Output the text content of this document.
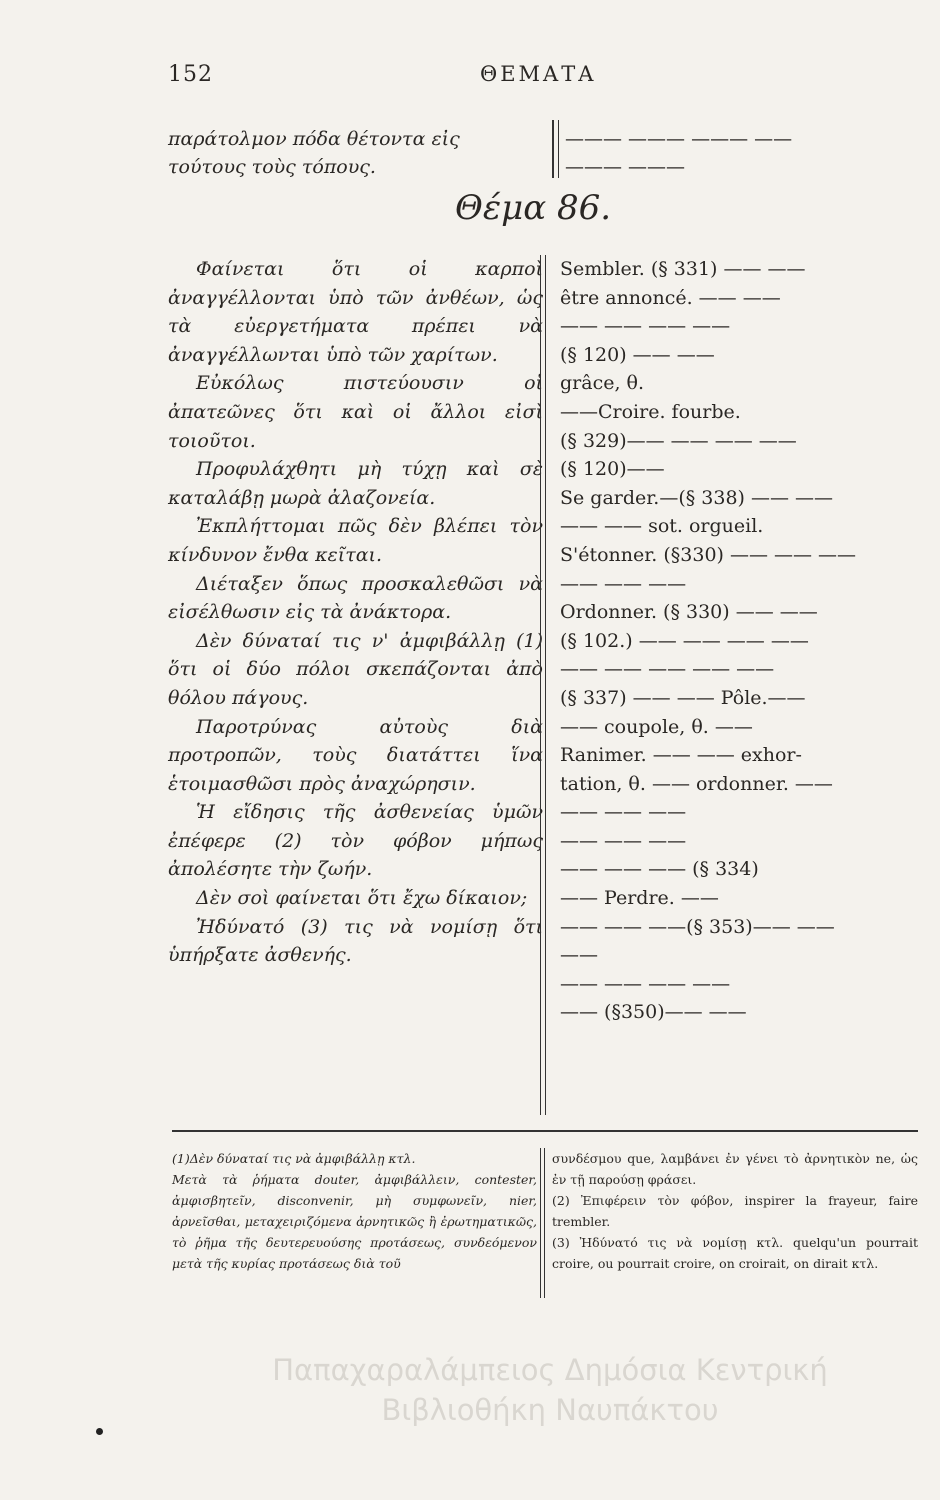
152	ΘΕΜΑΤΑ
παράτολμον πόδα θέτοντα εἰς
τούτους τοὺς τόπους.
——— ——— ——— ——
——— ———
Θέμα 86.

Φαίνεται ὅτι οἱ καρποὶ ἀναγγέλλονται ὑπὸ τῶν ἀνθέων, ὡς τὰ εὐεργετήματα πρέπει νὰ ἀναγγέλλωνται ὑπὸ τῶν χαρίτων.

Εὐκόλως πιστεύουσιν οἱ ἀπατεῶνες ὅτι καὶ οἱ ἄλλοι εἰσὶ τοιοῦτοι.

Προφυλάχθητι μὴ τύχῃ καὶ σὲ καταλάβῃ μωρὰ ἀλαζονεία.

Ἐκπλήττομαι πῶς δὲν βλέπει τὸν κίνδυνον ἔνθα κεῖται.

Διέταξεν ὅπως προσκαλεθῶσι νὰ εἰσέλθωσιν εἰς τὰ ἀνάκτορα.

Δὲν δύναταί τις ν' ἀμφιβάλλῃ (1) ὅτι οἱ δύο πόλοι σκεπάζονται ἀπὸ θόλου πάγους.

Παροτρύνας αὐτοὺς διὰ προτροπῶν, τοὺς διατάττει ἵνα ἑτοιμασθῶσι πρὸς ἀναχώρησιν.

Ἡ εἴδησις τῆς ἀσθενείας ὑμῶν ἐπέφερε (2) τὸν φόβον μήπως ἀπολέσητε τὴν ζωήν.

Δὲν σοὶ φαίνεται ὅτι ἔχω δίκαιον;

Ἠδύνατό (3) τις νὰ νομίσῃ ὅτι ὑπήρξατε ἀσθενής.

Sembler. (§ 331) —— ——
être annoncé. —— ——
—— —— —— ——
(§ 120) —— ——
grâce, θ.
——Croire. fourbe.
(§ 329)—— —— —— ——
(§ 120)——
Se garder.—(§ 338) —— ——
—— —— sot. orgueil.
S'étonner. (§330) —— —— ——
—— —— ——
Ordonner. (§ 330) —— ——
(§ 102.) —— —— —— ——
—— —— —— —— ——
(§ 337) —— —— Pôle.——
—— coupole, θ. ——
Ranimer. —— —— exhor-
tation, θ. —— ordonner. ——
—— —— ——
—— —— ——
—— —— —— (§ 334)
—— Perdre. ——
—— —— ——(§ 353)—— ——
——
—— —— —— ——
—— (§350)—— ——

(1)Δὲν δύναταί τις νὰ ἀμφιβάλλῃ κτλ.

Μετὰ τὰ ῥήματα douter, ἀμφιβάλλειν, contester, ἀμφισβητεῖν, disconvenir, μὴ συμφωνεῖν, nier, ἀρνεῖσθαι, μεταχειριζόμενα ἀρνητικῶς ἢ ἐρωτηματικῶς, τὸ ῥῆμα τῆς δευτερευούσης προτάσεως, συνδεόμενον μετὰ τῆς κυρίας προτάσεως διὰ τοῦ

συνδέσμου que, λαμβάνει ἐν γένει τὸ ἀρνητικὸν ne, ὡς ἐν τῇ παρούσῃ φράσει.

(2) Ἐπιφέρειν τὸν φόβον, inspirer la frayeur, faire trembler.

(3) Ἠδύνατό τις νὰ νομίσῃ κτλ. quelqu'un pourrait croire, ou pourrait croire, on croirait, on dirait κτλ.

Παπαχαραλάμπειος Δημόσια Κεντρική
Βιβλιοθήκη Ναυπάκτου
